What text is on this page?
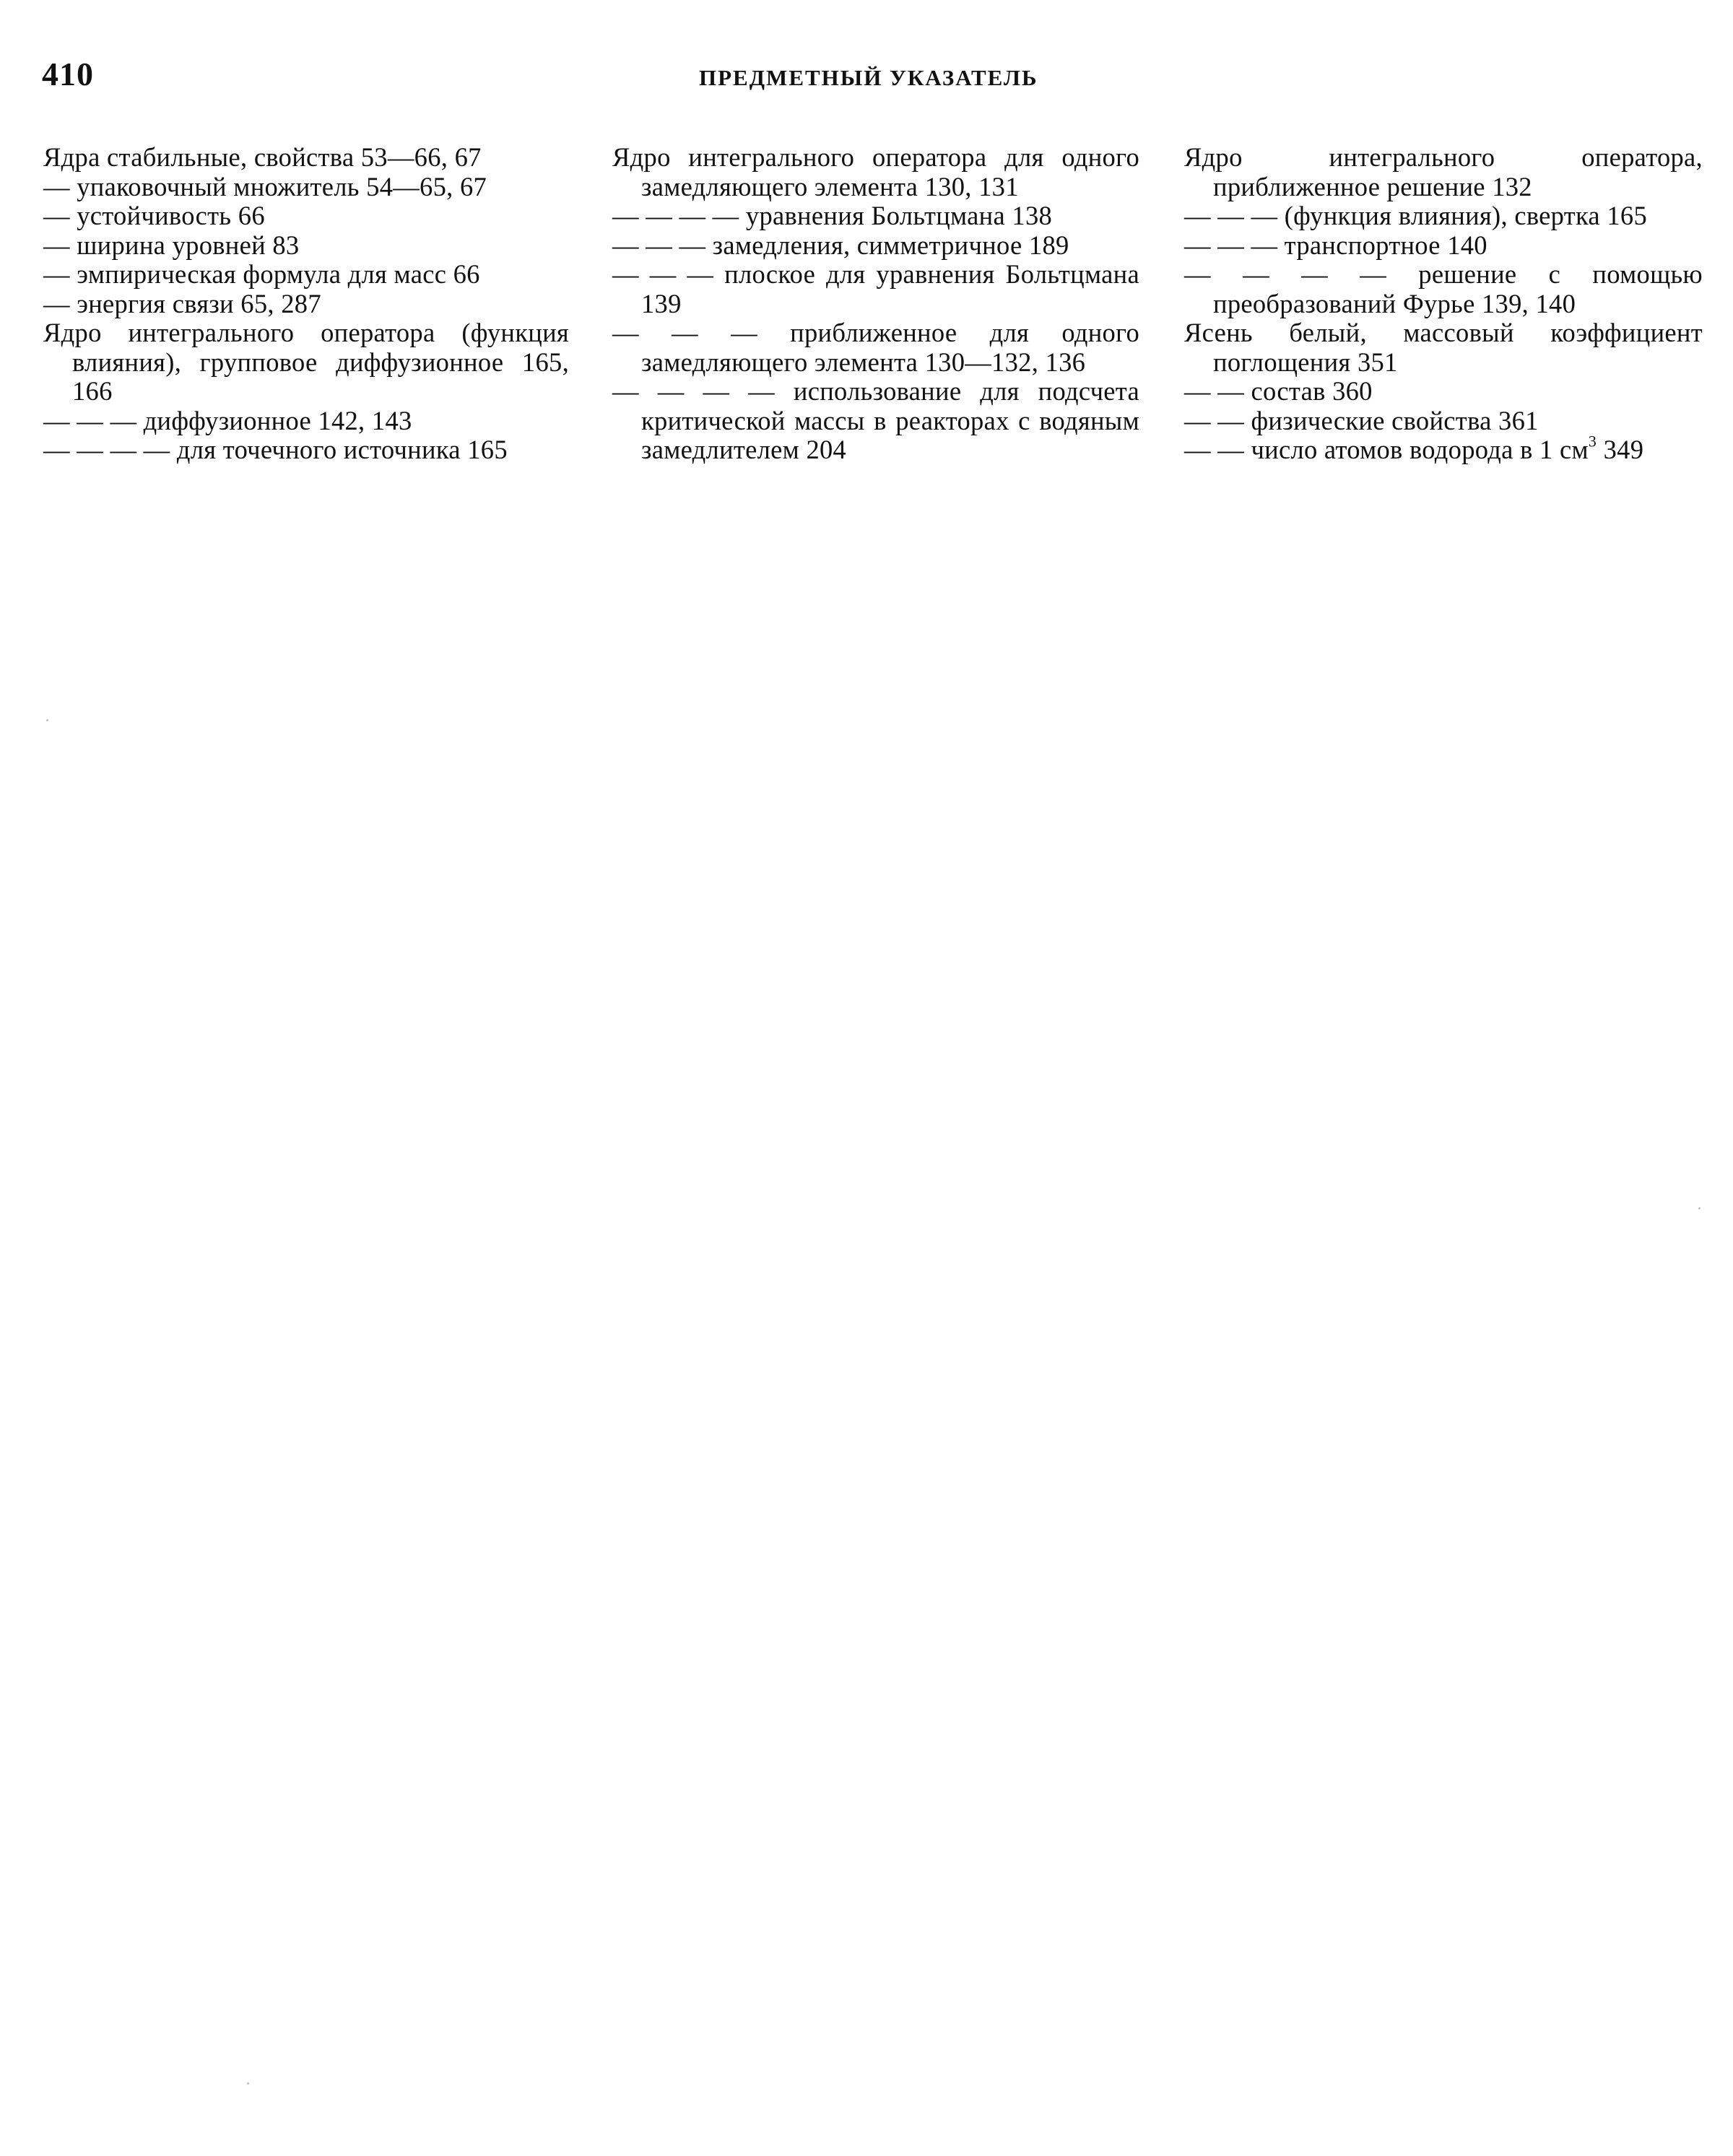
410	ПРЕДМЕТНЫЙ УКАЗАТЕЛЬ

Ядра стабильные, свойства 53—66, 67

— упаковочный множитель 54—65, 67

— устойчивость 66

— ширина уровней 83

— эмпирическая формула для масс 66

— энергия связи 65, 287

Ядро интегрального оператора (функция влияния), групповое диффузионное 165, 166

— — — диффузионное 142, 143

— — — — для точечного источника 165

Ядро интегрального оператора для одного замедляющего элемента 130, 131

— — — — уравнения Больтцмана 138

— — — замедления, симметричное 189

— — — плоское для уравнения Больтцмана 139

— — — приближенное для одного замедляющего элемента 130—132, 136

— — — — использование для подсчета критической массы в реакторах с водяным замедлителем 204

Ядро интегрального оператора, приближенное решение 132

— — — (функция влияния), свертка 165

— — — транспортное 140

— — — — решение с помощью преобразований Фурье 139, 140

Ясень белый, массовый коэффициент поглощения 351

— — состав 360

— — физические свойства 361

— — число атомов водорода в 1 $см^3$ 349
